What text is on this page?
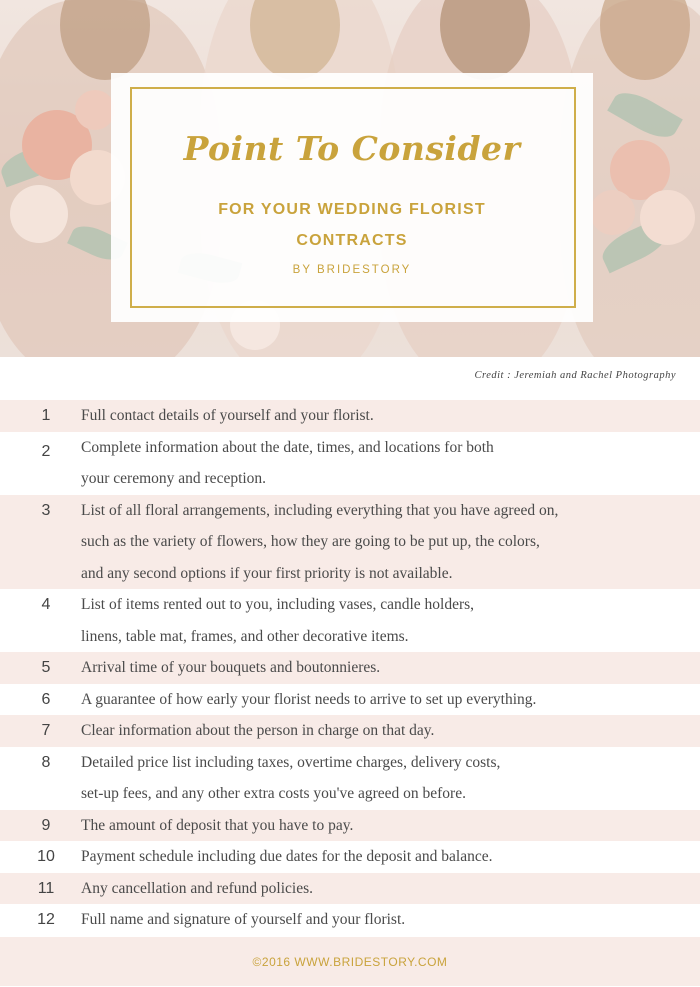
Point To Consider
FOR YOUR WEDDING FLORIST
CONTRACTS
BY BRIDESTORY
Credit : Jeremiah and Rachel Photography
1	Full contact details of yourself and your florist.
2	Complete information about the date, times, and locations for both
your ceremony and reception.
3	List of all floral arrangements, including everything that you have agreed on,
such as the variety of flowers, how they are going to be put up, the colors,
and any second options if your first priority is not available.
4	List of items rented out to you, including vases, candle holders,
linens, table mat, frames, and other decorative items.
5	Arrival time of your bouquets and boutonnieres.
6	A guarantee of how early your florist needs to arrive to set up everything.
7	Clear information about the person in charge on that day.
8	Detailed price list including taxes, overtime charges, delivery costs,
set-up fees, and any other extra costs you've agreed on before.
9	The amount of deposit that you have to pay.
10	Payment schedule including due dates for the deposit and balance.
11	Any cancellation and refund policies.
12	Full name and signature of yourself and your florist.
©2016 WWW.BRIDESTORY.COM
